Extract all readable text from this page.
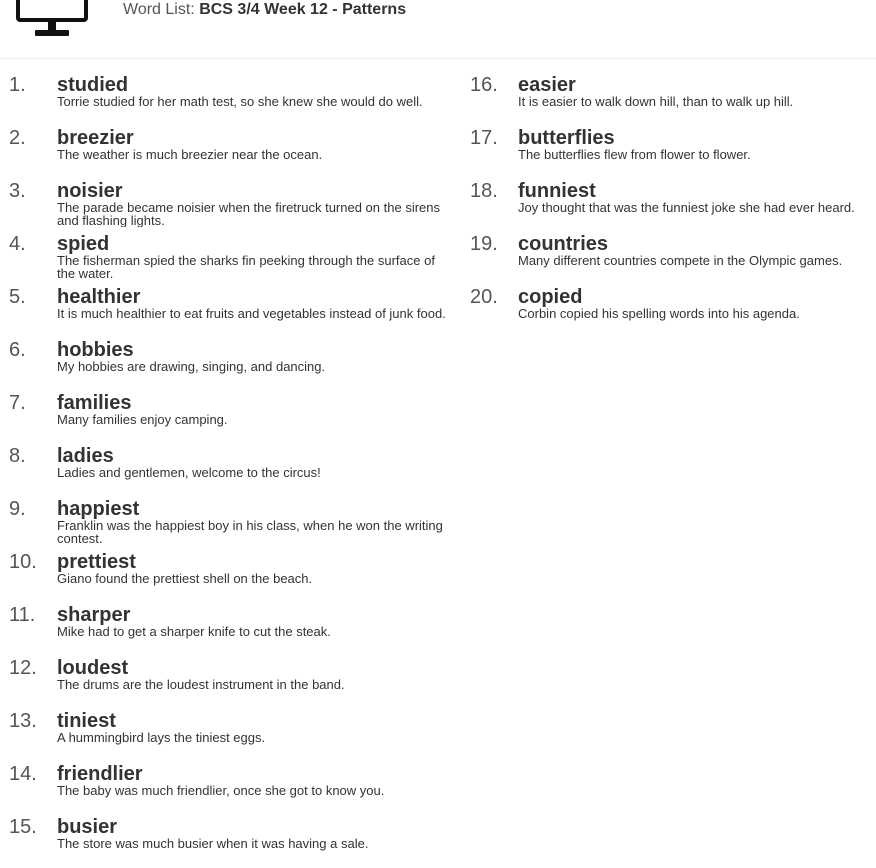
Word List: BCS 3/4 Week 12 - Patterns
1. studied
Torrie studied for her math test, so she knew she would do well.
2. breezier
The weather is much breezier near the ocean.
3. noisier
The parade became noisier when the firetruck turned on the sirens and flashing lights.
4. spied
The fisherman spied the sharks fin peeking through the surface of the water.
5. healthier
It is much healthier to eat fruits and vegetables instead of junk food.
6. hobbies
My hobbies are drawing, singing, and dancing.
7. families
Many families enjoy camping.
8. ladies
Ladies and gentlemen, welcome to the circus!
9. happiest
Franklin was the happiest boy in his class, when he won the writing contest.
10. prettiest
Giano found the prettiest shell on the beach.
11. sharper
Mike had to get a sharper knife to cut the steak.
12. loudest
The drums are the loudest instrument in the band.
13. tiniest
A hummingbird lays the tiniest eggs.
14. friendlier
The baby was much friendlier, once she got to know you.
15. busier
The store was much busier when it was having a sale.
16. easier
It is easier to walk down hill, than to walk up hill.
17. butterflies
The butterflies flew from flower to flower.
18. funniest
Joy thought that was the funniest joke she had ever heard.
19. countries
Many different countries compete in the Olympic games.
20. copied
Corbin copied his spelling words into his agenda.
